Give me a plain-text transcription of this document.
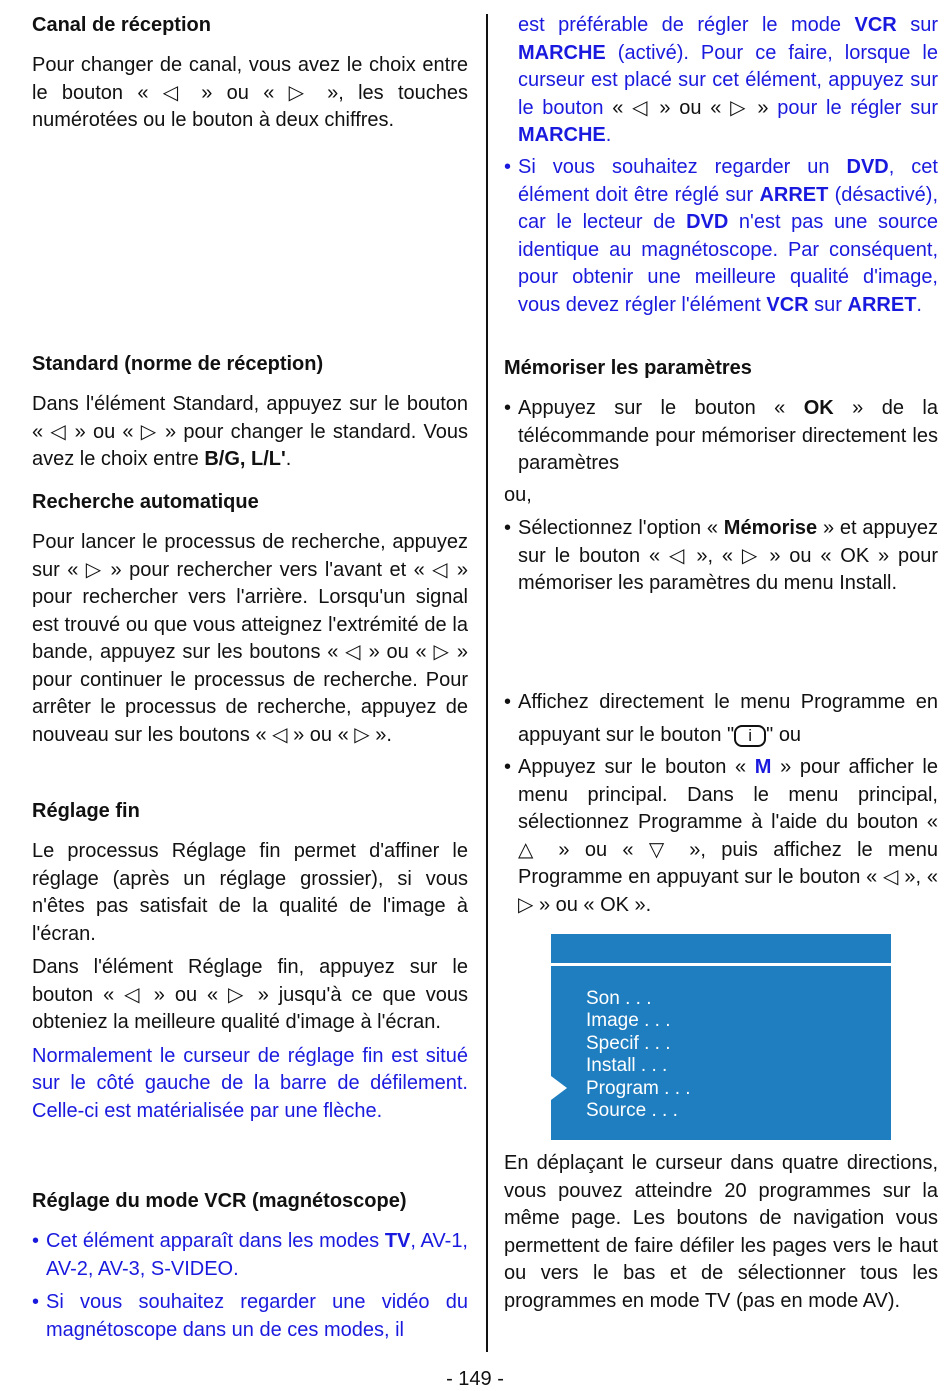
Canal de réception

Pour changer de canal, vous avez le choix entre le bouton « ◁ » ou « ▷ », les touches numérotées ou le bouton à deux chiffres.

Standard (norme de réception)

Dans l'élément Standard, appuyez sur le bouton « ◁ » ou « ▷ » pour changer le standard. Vous avez le choix entre B/G, L/L'.

Recherche automatique

Pour lancer le processus de recherche, appuyez sur « ▷ » pour rechercher vers l'avant et « ◁ » pour rechercher vers l'arrière. Lorsqu'un signal est trouvé ou que vous atteignez l'extrémité de la bande, appuyez sur les boutons « ◁ » ou « ▷ » pour continuer le processus de recherche. Pour arrêter le processus de recherche, appuyez de nouveau sur les boutons « ◁ » ou « ▷ ».

Réglage fin

Le processus Réglage fin permet d'affiner le réglage (après un réglage grossier), si vous n'êtes pas satisfait de la qualité de l'image à l'écran.

Dans l'élément Réglage fin, appuyez sur le bouton « ◁ » ou « ▷ » jusqu'à ce que vous obteniez la meilleure qualité d'image à l'écran.

Normalement le curseur de réglage fin est situé sur le côté gauche de la barre de défilement. Celle-ci est matérialisée par une flèche.

Réglage du mode VCR (magnétoscope)

• Cet élément apparaît dans les modes TV, AV-1, AV-2, AV-3, S-VIDEO.

• Si vous souhaitez regarder une vidéo du magnétoscope dans un de ces modes, il

est préférable de régler le mode VCR sur MARCHE (activé). Pour ce faire, lorsque le curseur est placé sur cet élément, appuyez sur le bouton « ◁ » ou « ▷ » pour le régler sur MARCHE.

• Si vous souhaitez regarder un DVD, cet élément doit être réglé sur ARRET (désactivé), car le lecteur de DVD n'est pas une source identique au magnétoscope. Par conséquent, pour obtenir une meilleure qualité d'image, vous devez régler l'élément VCR sur ARRET.

Mémoriser les paramètres

• Appuyez sur le bouton « OK » de la télécommande pour mémoriser directement les paramètres

ou,

• Sélectionnez l'option « Mémorise » et appuyez sur le bouton « ◁ », « ▷ » ou « OK » pour mémoriser les paramètres du menu Install.

• Affichez directement le menu Programme en appuyant sur le bouton " i " ou

• Appuyez sur le bouton « M » pour afficher le menu principal. Dans le menu principal, sélectionnez Programme à l'aide du bouton « △ » ou « ▽ », puis affichez le menu Programme en appuyant sur le bouton « ◁ », « ▷ » ou « OK ».

En déplaçant le curseur dans quatre directions, vous pouvez atteindre 20 programmes sur la même page. Les boutons de navigation vous permettent de faire défiler les pages vers le haut ou vers le bas et de sélectionner tous les programmes en mode TV (pas en mode AV).

Son . . .
Image . . .
Specif . . .
Install . . .
Program . . .
Source . . .
- 149 -
